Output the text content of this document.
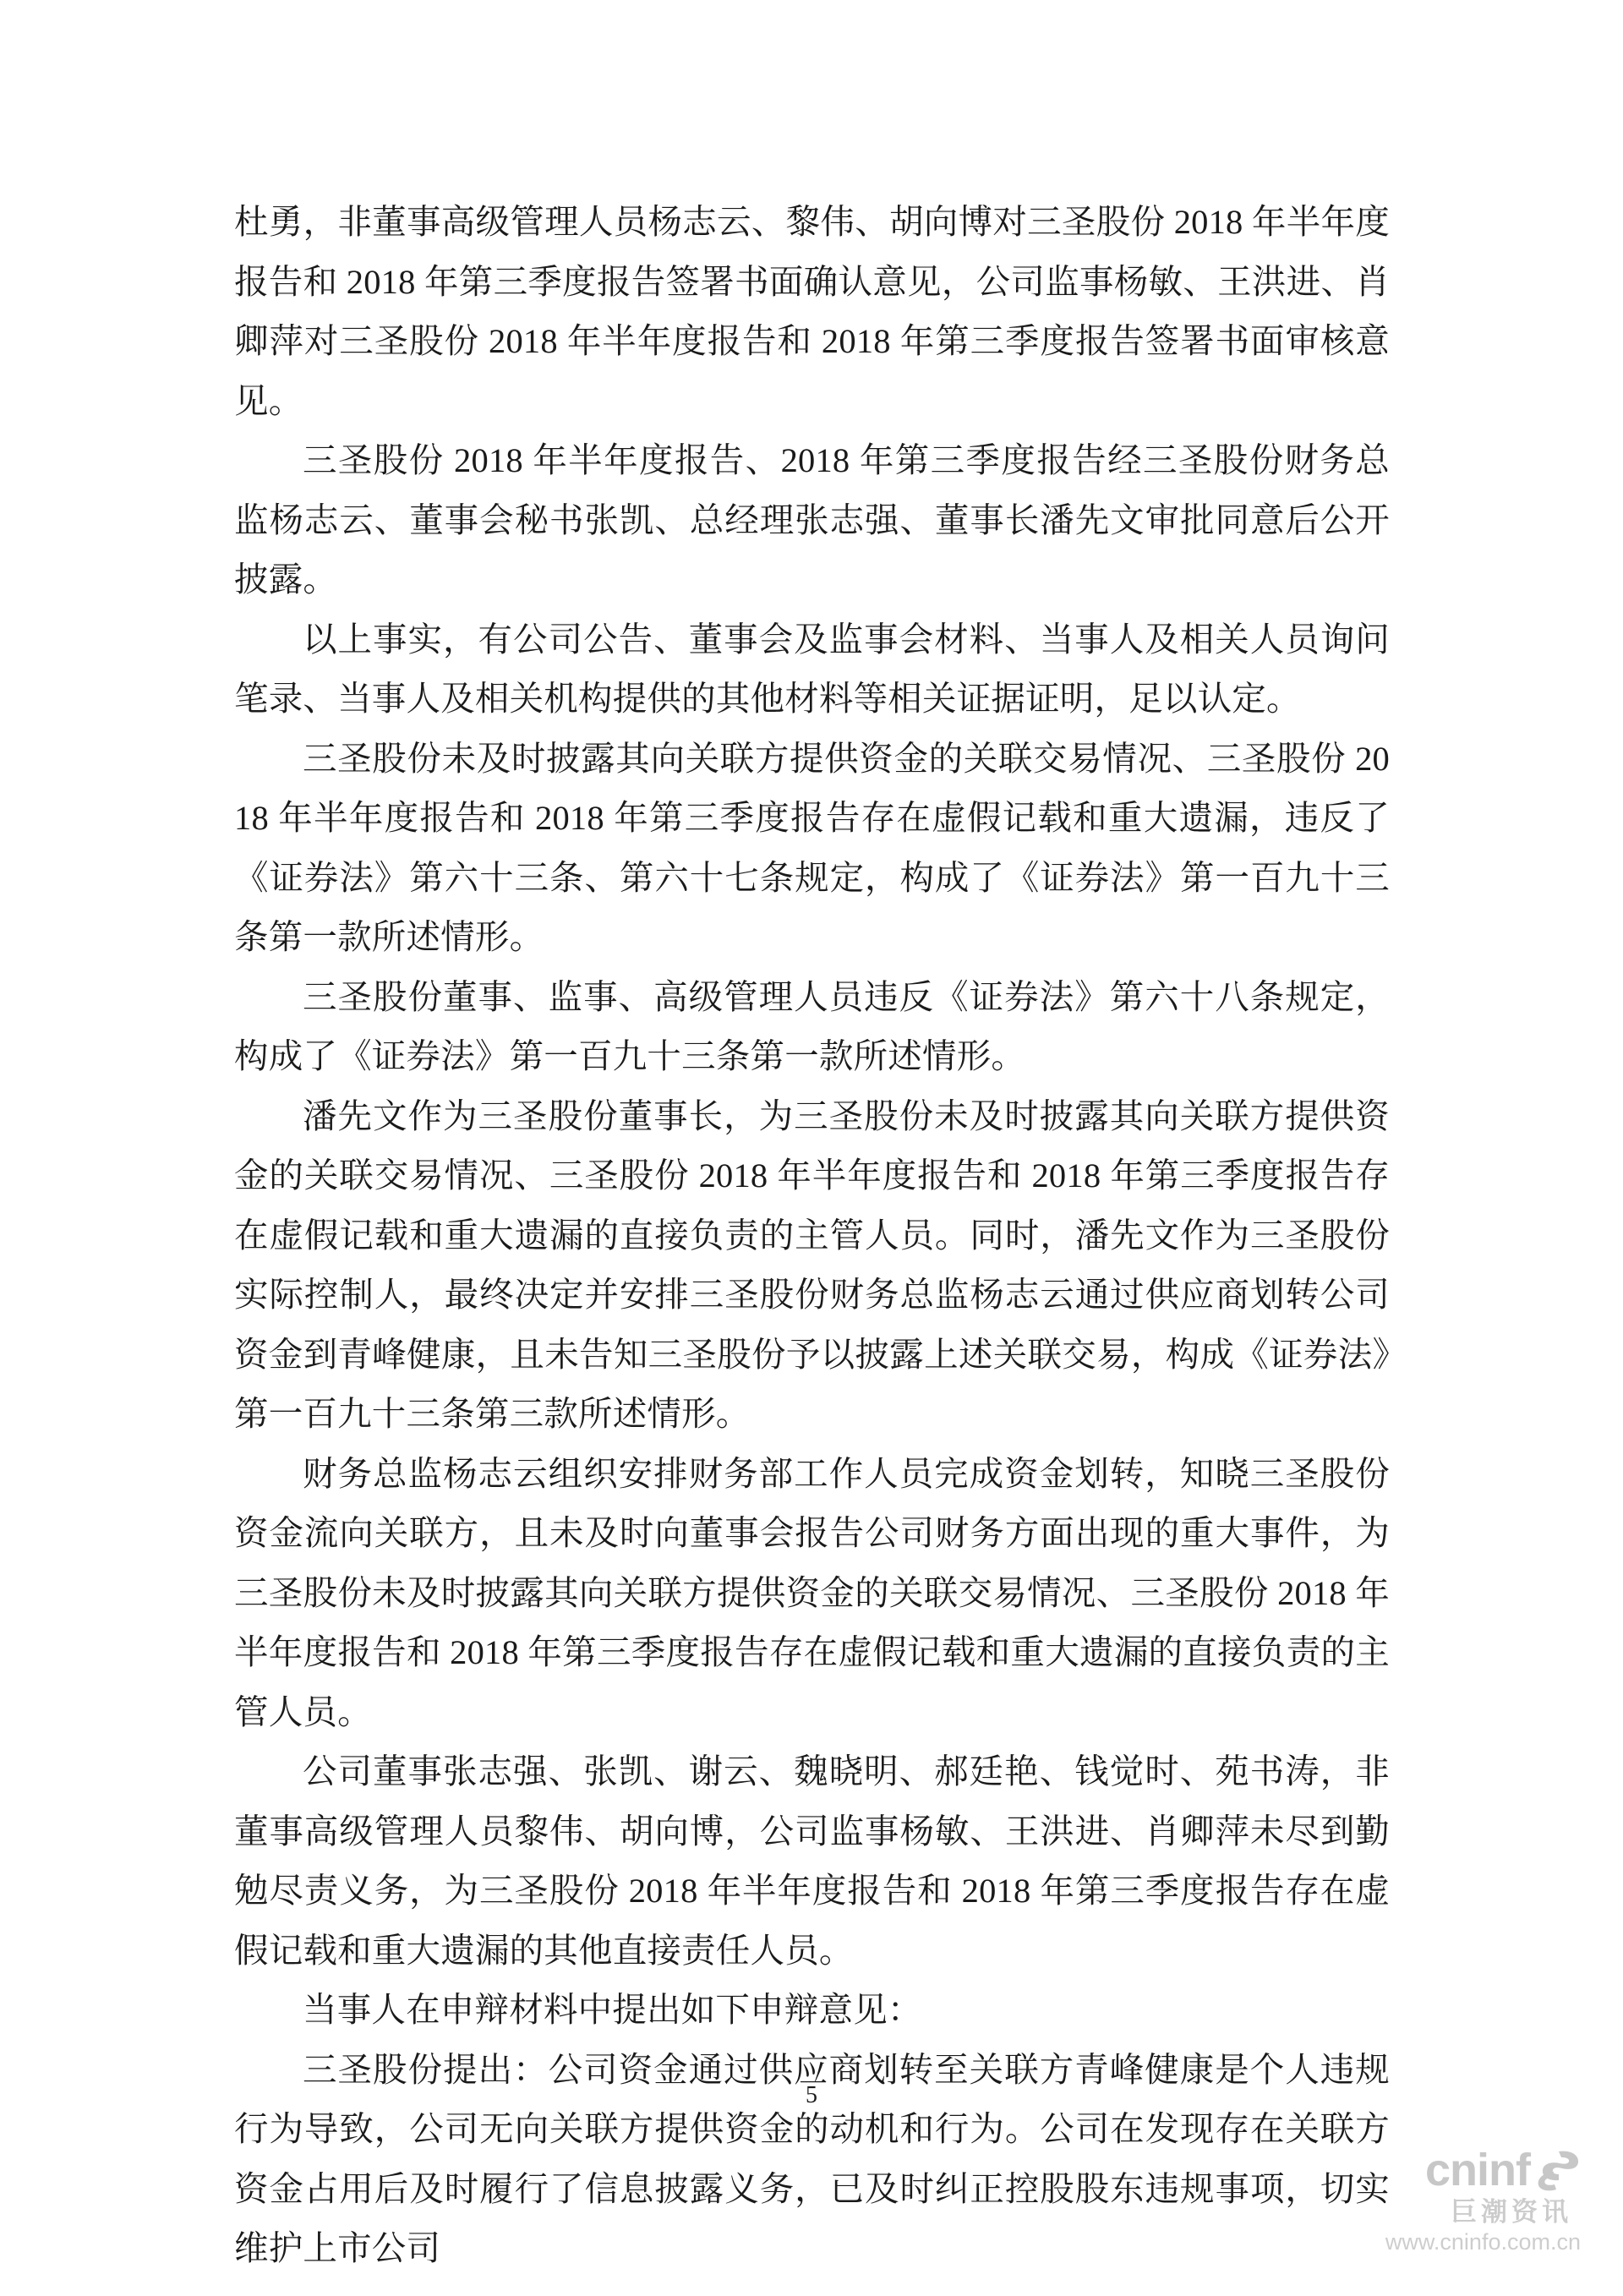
杜勇，非董事高级管理人员杨志云、黎伟、胡向博对三圣股份 2018 年半年度报告和 2018 年第三季度报告签署书面确认意见，公司监事杨敏、王洪进、肖卿萍对三圣股份 2018 年半年度报告和 2018 年第三季度报告签署书面审核意见。

三圣股份 2018 年半年度报告、2018 年第三季度报告经三圣股份财务总监杨志云、董事会秘书张凯、总经理张志强、董事长潘先文审批同意后公开披露。

以上事实，有公司公告、董事会及监事会材料、当事人及相关人员询问笔录、当事人及相关机构提供的其他材料等相关证据证明，足以认定。

三圣股份未及时披露其向关联方提供资金的关联交易情况、三圣股份 2018 年半年度报告和 2018 年第三季度报告存在虚假记载和重大遗漏，违反了《证券法》第六十三条、第六十七条规定，构成了《证券法》第一百九十三条第一款所述情形。

三圣股份董事、监事、高级管理人员违反《证券法》第六十八条规定，构成了《证券法》第一百九十三条第一款所述情形。

潘先文作为三圣股份董事长，为三圣股份未及时披露其向关联方提供资金的关联交易情况、三圣股份 2018 年半年度报告和 2018 年第三季度报告存在虚假记载和重大遗漏的直接负责的主管人员。同时，潘先文作为三圣股份实际控制人，最终决定并安排三圣股份财务总监杨志云通过供应商划转公司资金到青峰健康，且未告知三圣股份予以披露上述关联交易，构成《证券法》第一百九十三条第三款所述情形。

财务总监杨志云组织安排财务部工作人员完成资金划转，知晓三圣股份资金流向关联方，且未及时向董事会报告公司财务方面出现的重大事件，为三圣股份未及时披露其向关联方提供资金的关联交易情况、三圣股份 2018 年半年度报告和 2018 年第三季度报告存在虚假记载和重大遗漏的直接负责的主管人员。

公司董事张志强、张凯、谢云、魏晓明、郝廷艳、钱觉时、苑书涛，非董事高级管理人员黎伟、胡向博，公司监事杨敏、王洪进、肖卿萍未尽到勤勉尽责义务，为三圣股份 2018 年半年度报告和 2018 年第三季度报告存在虚假记载和重大遗漏的其他直接责任人员。

当事人在申辩材料中提出如下申辩意见：

三圣股份提出：公司资金通过供应商划转至关联方青峰健康是个人违规行为导致，公司无向关联方提供资金的动机和行为。公司在发现存在关联方资金占用后及时履行了信息披露义务，已及时纠正控股股东违规事项，切实维护上市公司

5
cninf
巨潮资讯
www.cninfo.com.cn
